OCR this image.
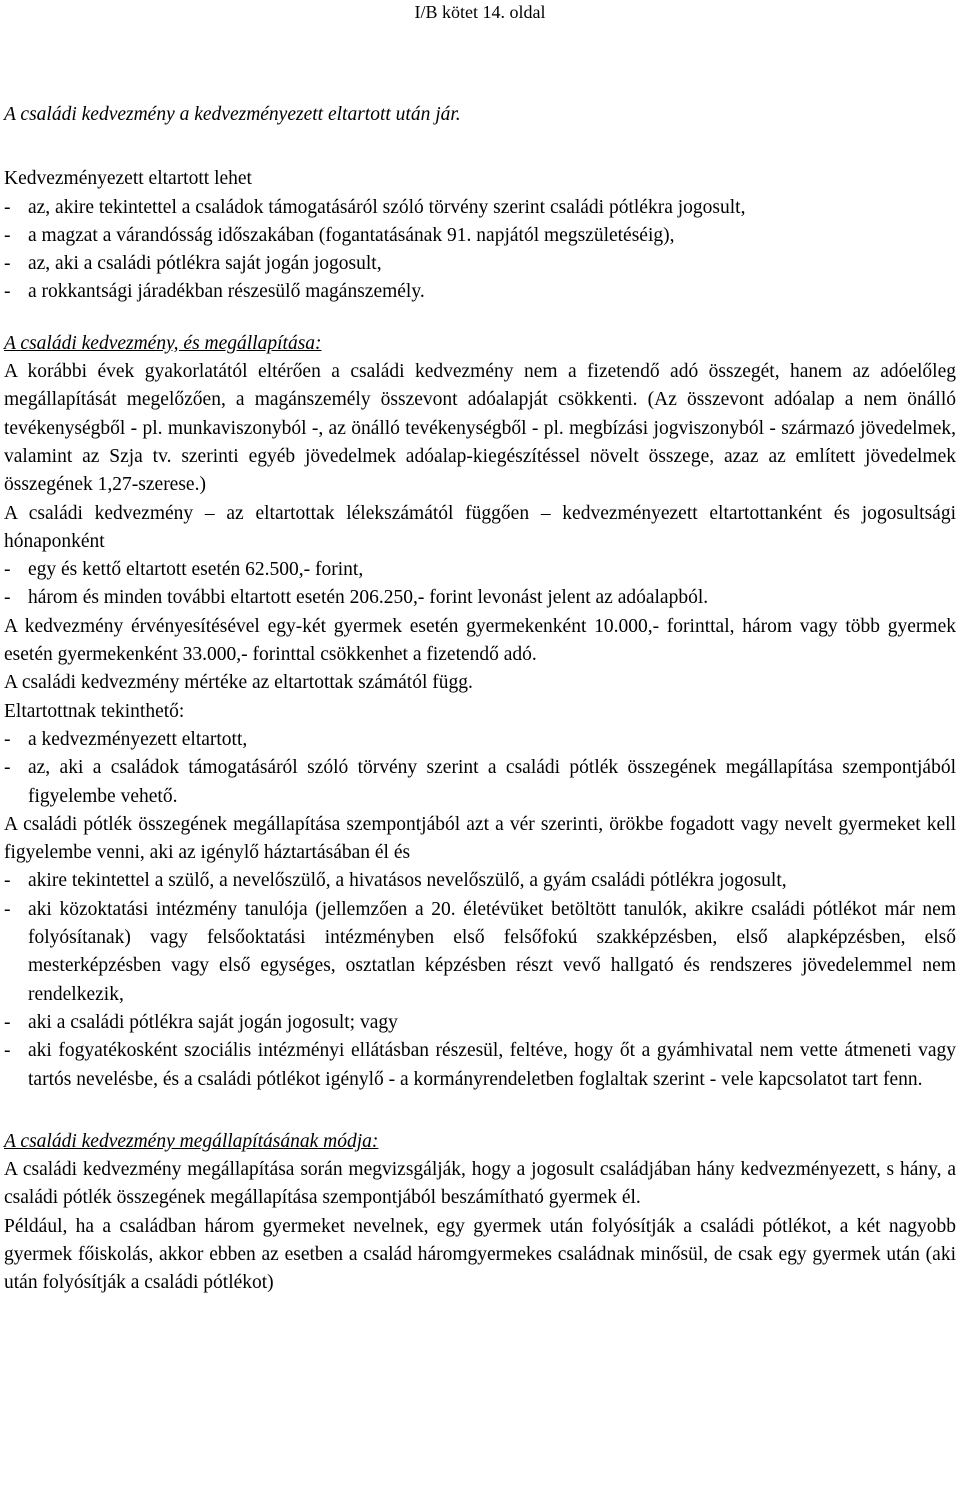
I/B kötet 14. oldal

A családi kedvezmény a kedvezményezett eltartott után jár.

Kedvezményezett eltartott lehet

- az, akire tekintettel a családok támogatásáról szóló törvény szerint családi pótlékra jogosult,
- a magzat a várandósság időszakában (fogantatásának 91. napjától megszületéséig),
- az, aki a családi pótlékra saját jogán jogosult,
- a rokkantsági járadékban részesülő magánszemély.

A családi kedvezmény, és megállapítása:

A korábbi évek gyakorlatától eltérően a családi kedvezmény nem a fizetendő adó összegét, hanem az adóelőleg megállapítását megelőzően, a magánszemély összevont adóalapját csökkenti. (Az összevont adóalap a nem önálló tevékenységből - pl. munkaviszonyból -, az önálló tevékenységből - pl. megbízási jogviszonyból - származó jövedelmek, valamint az Szja tv. szerinti egyéb jövedelmek adóalap-kiegészítéssel növelt összege, azaz az említett jövedelmek összegének 1,27-szerese.)

A családi kedvezmény – az eltartottak lélekszámától függően – kedvezményezett eltartottanként és jogosultsági hónaponként

- egy és kettő eltartott esetén 62.500,- forint,
- három és minden további eltartott esetén 206.250,- forint levonást jelent az adóalapból.

A kedvezmény érvényesítésével egy-két gyermek esetén gyermekenként 10.000,- forinttal, három vagy több gyermek esetén gyermekenként 33.000,- forinttal csökkenhet a fizetendő adó.

A családi kedvezmény mértéke az eltartottak számától függ.

Eltartottnak tekinthető:

- a kedvezményezett eltartott,
- az, aki a családok támogatásáról szóló törvény szerint a családi pótlék összegének megállapítása szempontjából figyelembe vehető.

A családi pótlék összegének megállapítása szempontjából azt a vér szerinti, örökbe fogadott vagy nevelt gyermeket kell figyelembe venni, aki az igénylő háztartásában él és

- akire tekintettel a szülő, a nevelőszülő, a hivatásos nevelőszülő, a gyám családi pótlékra jogosult,
- aki közoktatási intézmény tanulója (jellemzően a 20. életévüket betöltött tanulók, akikre családi pótlékot már nem folyósítanak) vagy felsőoktatási intézményben első felsőfokú szakképzésben, első alapképzésben, első mesterképzésben vagy első egységes, osztatlan képzésben részt vevő hallgató és rendszeres jövedelemmel nem rendelkezik,
- aki a családi pótlékra saját jogán jogosult; vagy
- aki fogyatékosként szociális intézményi ellátásban részesül, feltéve, hogy őt a gyámhivatal nem vette átmeneti vagy tartós nevelésbe, és a családi pótlékot igénylő - a kormányrendeletben foglaltak szerint - vele kapcsolatot tart fenn.

A családi kedvezmény megállapításának módja:

A családi kedvezmény megállapítása során megvizsgálják, hogy a jogosult családjában hány kedvezményezett, s hány, a családi pótlék összegének megállapítása szempontjából beszámítható gyermek él.

Például, ha a családban három gyermeket nevelnek, egy gyermek után folyósítják a családi pótlékot, a két nagyobb gyermek főiskolás, akkor ebben az esetben a család háromgyermekes családnak minősül, de csak egy gyermek után (aki után folyósítják a családi pótlékot)
